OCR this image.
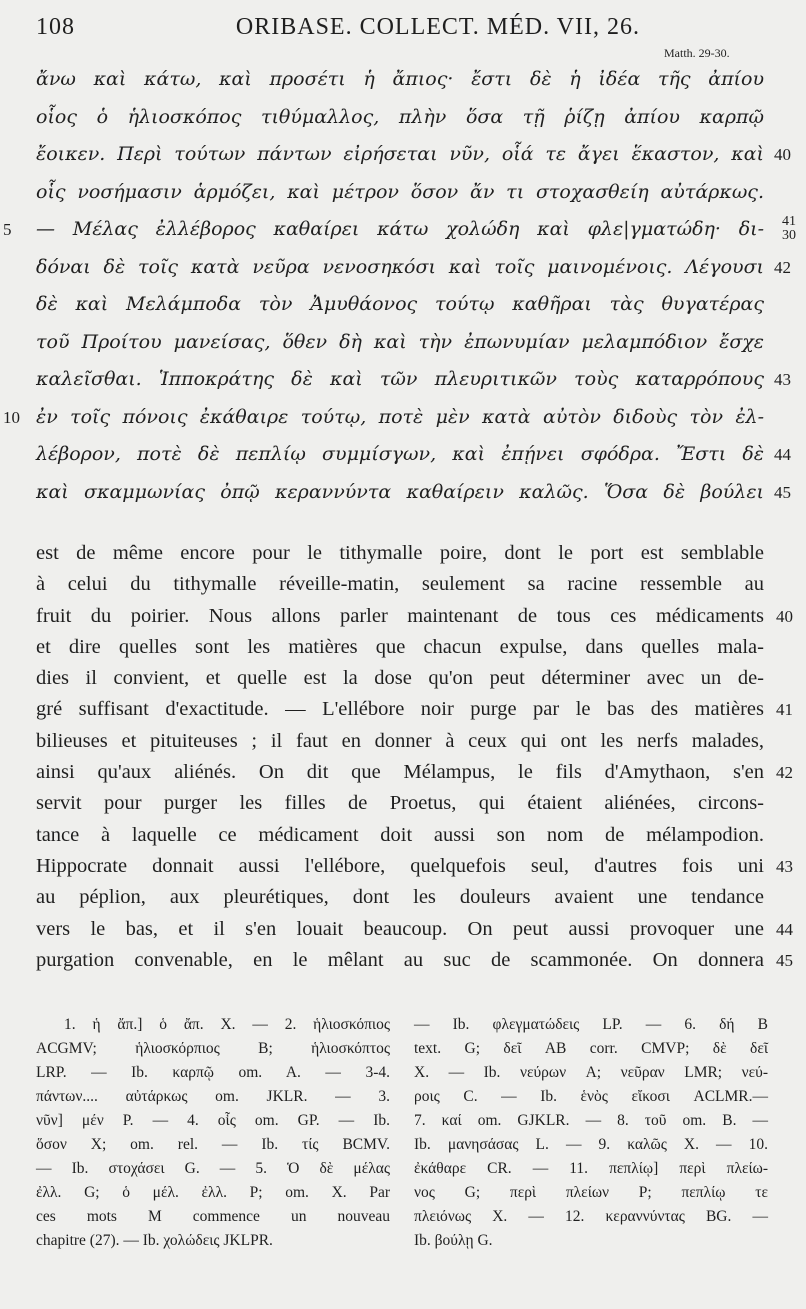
108	ORIBASE. COLLECT. MÉD. VII, 26.
Matth. 29-30.
ἄνω καὶ κάτω, καὶ προσέτι ἡ ἄπιος· ἔστι δὲ ἡ ἰδέα τῆς ἀπίου
οἷος ὁ ἡλιοσκόπος τιθύμαλλος, πλὴν ὅσα τῇ ῥίζῃ ἀπίου καρπῷ
ἔοικεν. Περὶ τούτων πάντων εἰρήσεται νῦν, οἷά τε ἄγει ἕκαστον, καὶ 40
οἷς νοσήμασιν ἁρμόζει, καὶ μέτρον ὅσον ἄν τι στοχασθείη αὐτάρκως.
— Μέλας ἐλλέβορος καθαίρει κάτω χολώδη καὶ φλε|γματώδη· δι-
5	41
30
δόναι δὲ τοῖς κατὰ νεῦρα νενοσηκόσι καὶ τοῖς μαινομένοις. Λέγουσι 42
δὲ καὶ Μελάμποδα τὸν Ἀμυθάονος τούτῳ καθῆραι τὰς θυγατέρας
τοῦ Προίτου μανείσας, ὅθεν δὴ καὶ τὴν ἐπωνυμίαν μελαμπόδιον ἔσχε
καλεῖσθαι. Ἱπποκράτης δὲ καὶ τῶν πλευριτικῶν τοὺς καταρρόπους 43
ἐν τοῖς πόνοις ἐκάθαιρε τούτῳ, ποτὲ μὲν κατὰ αὐτὸν διδοὺς τὸν ἐλ-
10
λέβορον, ποτὲ δὲ πεπλίῳ συμμίσγων, καὶ ἐπῄνει σφόδρα. Ἔστι δὲ 44
καὶ σκαμμωνίας ὀπῷ κεραννύντα καθαίρειν καλῶς. Ὅσα δὲ βούλει 45
est de même encore pour le tithymalle poire, dont le port est semblable
à celui du tithymalle réveille-matin, seulement sa racine ressemble au
fruit du poirier. Nous allons parler maintenant de tous ces médicaments 40
et dire quelles sont les matières que chacun expulse, dans quelles mala-
dies il convient, et quelle est la dose qu'on peut déterminer avec un de-
gré suffisant d'exactitude. — L'ellébore noir purge par le bas des matières 41
bilieuses et pituiteuses ; il faut en donner à ceux qui ont les nerfs malades,
ainsi qu'aux aliénés. On dit que Mélampus, le fils d'Amythaon, s'en 42
servit pour purger les filles de Proetus, qui étaient aliénées, circons-
tance à laquelle ce médicament doit aussi son nom de mélampodion.
Hippocrate donnait aussi l'ellébore, quelquefois seul, d'autres fois uni 43
au péplion, aux pleurétiques, dont les douleurs avaient une tendance
vers le bas, et il s'en louait beaucoup. On peut aussi provoquer une 44
purgation convenable, en le mêlant au suc de scammonée. On donnera 45
1. ἡ ἄπ.] ὁ ἄπ. X. — 2. ἡλιοσκόπιος
ACGMV; ἡλιοσκόρπιος B; ἡλιοσκόπτος
LRP. — Ib. καρπῷ om. A. — 3-4.
πάντων.... αὐτάρκως om. JKLR. — 3.
νῦν] μέν P. — 4. οἷς om. GP. — Ib.
ὅσον X; om. rel. — Ib. τίς BCMV.
— Ib. στοχάσει G. — 5. Ὁ δὲ μέλας
ἐλλ. G; ὁ μέλ. ἐλλ. P; om. X. Par
ces mots M commence un nouveau
chapitre (27). — Ib. χολώδεις JKLPR.
— Ib. φλεγματώδεις LP. — 6. δή B
text. G; δεῖ AB corr. CMVP; δὲ δεῖ
X. — Ib. νεύρων A; νεῦραν LMR; νεύ-
ροις C. — Ib. ἑνὸς εἴκοσι ACLMR.—
7. καί om. GJKLR. — 8. τοῦ om. B. —
Ib. μανησάσας L. — 9. καλῶς X. — 10.
ἐκάθαρε CR. — 11. πεπλίῳ] περὶ πλείω-
νος G; περὶ πλείων P; πεπλίῳ τε
πλειόνως X. — 12. κεραννύντας BG. —
Ib. βούλῃ G.
